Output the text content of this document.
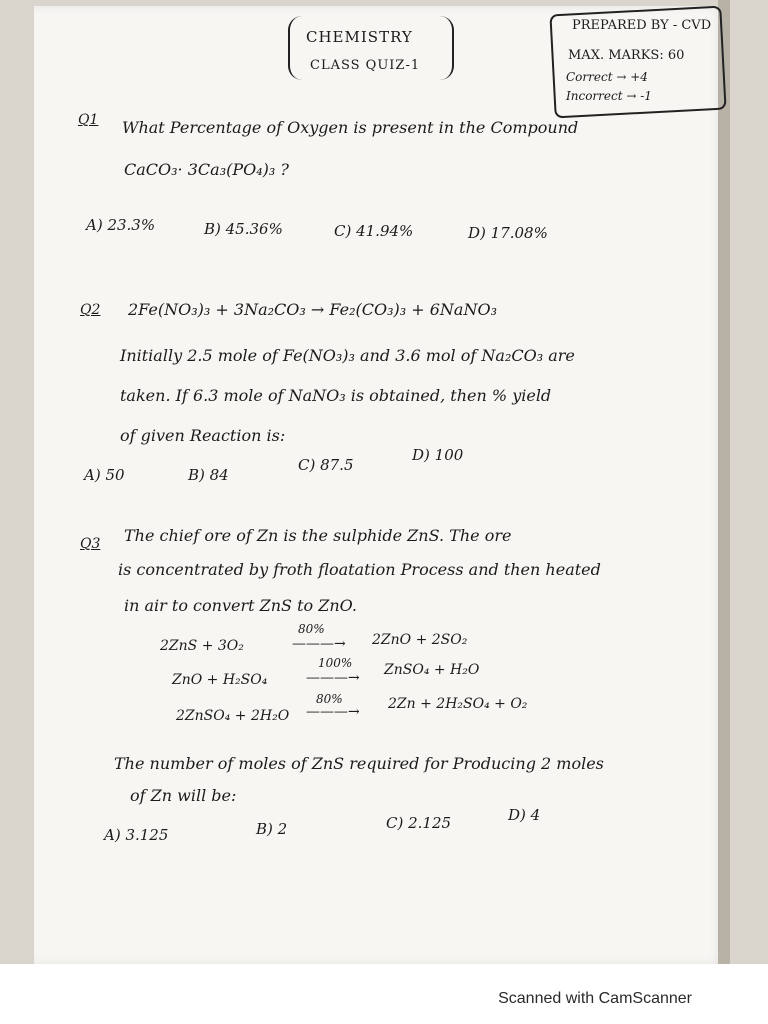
CHEMISTRY
CLASS QUIZ-1
PREPARED BY - CVD
MAX. MARKS: 60
Correct → +4
Incorrect → -1
Q1 What Percentage of Oxygen is present in the Compound
CaCO₃· 3Ca₃(PO₄)₃ ?
A) 23.3%	B) 45.36%	C) 41.94%	D) 17.08%
Q2 2Fe(NO₃)₃ + 3Na₂CO₃ → Fe₂(CO₃)₃ + 6NaNO₃
Initially 2.5 mole of Fe(NO₃)₃ and 3.6 mol of Na₂CO₃ are
taken. If 6.3 mole of NaNO₃ is obtained, then % yield
of given Reaction is:
A) 50	B) 84
C) 87.5
D) 100
Q3 The chief ore of Zn is the sulphide ZnS. The ore
is concentrated by froth floatation Process and then heated
in air to convert ZnS to ZnO.
2ZnS + 3O₂
80%
———→ 2ZnO + 2SO₂
ZnO + H₂SO₄
100%
———→ ZnSO₄ + H₂O
2ZnSO₄ + 2H₂O
80%
———→ 2Zn + 2H₂SO₄ + O₂
The number of moles of ZnS required for Producing 2 moles
of Zn will be:
A) 3.125	B) 2	C) 2.125	D) 4
Scanned with CamScanner
